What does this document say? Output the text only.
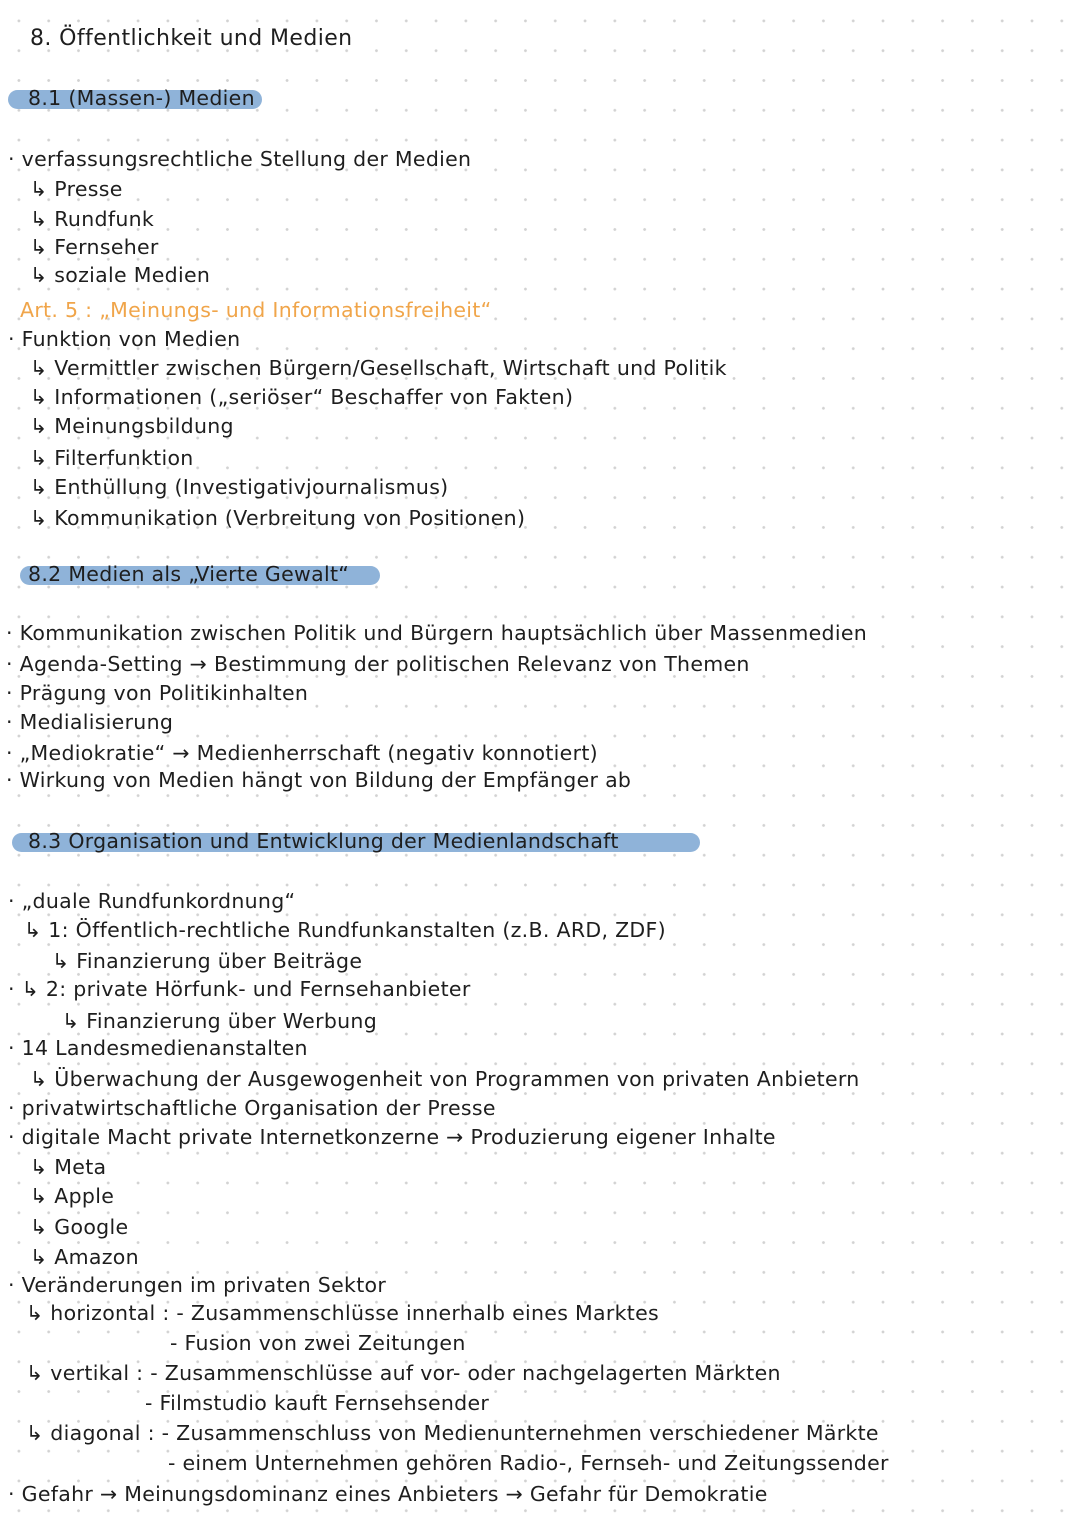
8. Öffentlichkeit und Medien
8.1 (Massen-) Medien
· verfassungsrechtliche Stellung der Medien
↳ Presse
↳ Rundfunk
↳ Fernseher
↳ soziale Medien
Art. 5 : „Meinungs- und Informationsfreiheit“
· Funktion von Medien
↳ Vermittler zwischen Bürgern/Gesellschaft, Wirtschaft und Politik
↳ Informationen („seriöser“ Beschaffer von Fakten)
↳ Meinungsbildung
↳ Filterfunktion
↳ Enthüllung (Investigativjournalismus)
↳ Kommunikation (Verbreitung von Positionen)
8.2 Medien als „Vierte Gewalt“
· Kommunikation zwischen Politik und Bürgern hauptsächlich über Massenmedien
· Agenda-Setting → Bestimmung der politischen Relevanz von Themen
· Prägung von Politikinhalten
· Medialisierung
· „Mediokratie“ → Medienherrschaft (negativ konnotiert)
· Wirkung von Medien hängt von Bildung der Empfänger ab
8.3 Organisation und Entwicklung der Medienlandschaft
· „duale Rundfunkordnung“
↳ 1: Öffentlich-rechtliche Rundfunkanstalten (z.B. ARD, ZDF)
↳ Finanzierung über Beiträge
· ↳ 2: private Hörfunk- und Fernsehanbieter
↳ Finanzierung über Werbung
· 14 Landesmedienanstalten
↳ Überwachung der Ausgewogenheit von Programmen von privaten Anbietern
· privatwirtschaftliche Organisation der Presse
· digitale Macht private Internetkonzerne → Produzierung eigener Inhalte
↳ Meta
↳ Apple
↳ Google
↳ Amazon
· Veränderungen im privaten Sektor
↳ horizontal : - Zusammenschlüsse innerhalb eines Marktes
- Fusion von zwei Zeitungen
↳ vertikal : - Zusammenschlüsse auf vor- oder nachgelagerten Märkten
- Filmstudio kauft Fernsehsender
↳ diagonal : - Zusammenschluss von Medienunternehmen verschiedener Märkte
- einem Unternehmen gehören Radio-, Fernseh- und Zeitungssender
· Gefahr → Meinungsdominanz eines Anbieters → Gefahr für Demokratie
